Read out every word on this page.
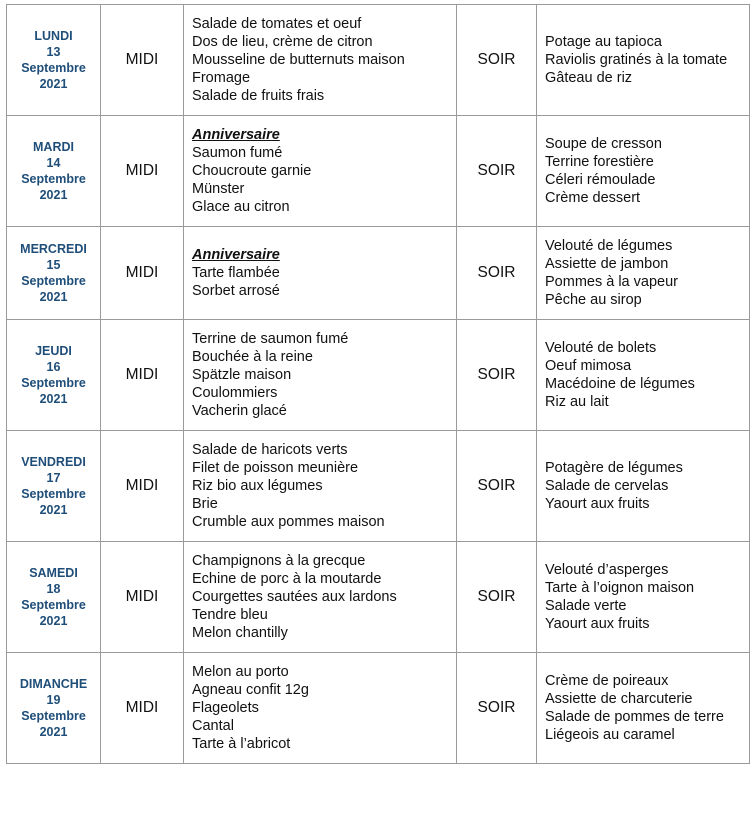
LUNDI
13
Septembre
2021	MIDI	Salade de tomates et oeuf
Dos de lieu, crème de citron
Mousseline de butternuts maison
Fromage
Salade de fruits frais	SOIR	Potage au tapioca
Raviolis gratinés à la tomate
Gâteau de riz

MARDI
14
Septembre
2021	MIDI	Anniversaire
Saumon fumé
Choucroute garnie
Münster
Glace au citron	SOIR	Soupe de cresson
Terrine forestière
Céleri rémoulade
Crème dessert

MERCREDI
15
Septembre
2021	MIDI	Anniversaire
Tarte flambée
Sorbet arrosé	SOIR	Velouté de légumes
Assiette de jambon
Pommes à la vapeur
Pêche au sirop

JEUDI
16
Septembre
2021	MIDI	Terrine de saumon fumé
Bouchée à la reine
Spätzle maison
Coulommiers
Vacherin glacé	SOIR	Velouté de bolets
Oeuf mimosa
Macédoine de légumes
Riz au lait

VENDREDI
17
Septembre
2021	MIDI	Salade de haricots verts
Filet de poisson meunière
Riz bio aux légumes
Brie
Crumble aux pommes maison	SOIR	Potagère de légumes
Salade de cervelas
Yaourt aux fruits

SAMEDI
18
Septembre
2021	MIDI	Champignons à la grecque
Echine de porc à la moutarde
Courgettes sautées aux lardons
Tendre bleu
Melon chantilly	SOIR	Velouté d’asperges
Tarte à l’oignon maison
Salade verte
Yaourt aux fruits

DIMANCHE
19
Septembre
2021	MIDI	Melon au porto
Agneau confit 12g
Flageolets
Cantal
Tarte à l’abricot	SOIR	Crème de poireaux
Assiette de charcuterie
Salade de pommes de terre
Liégeois au caramel
